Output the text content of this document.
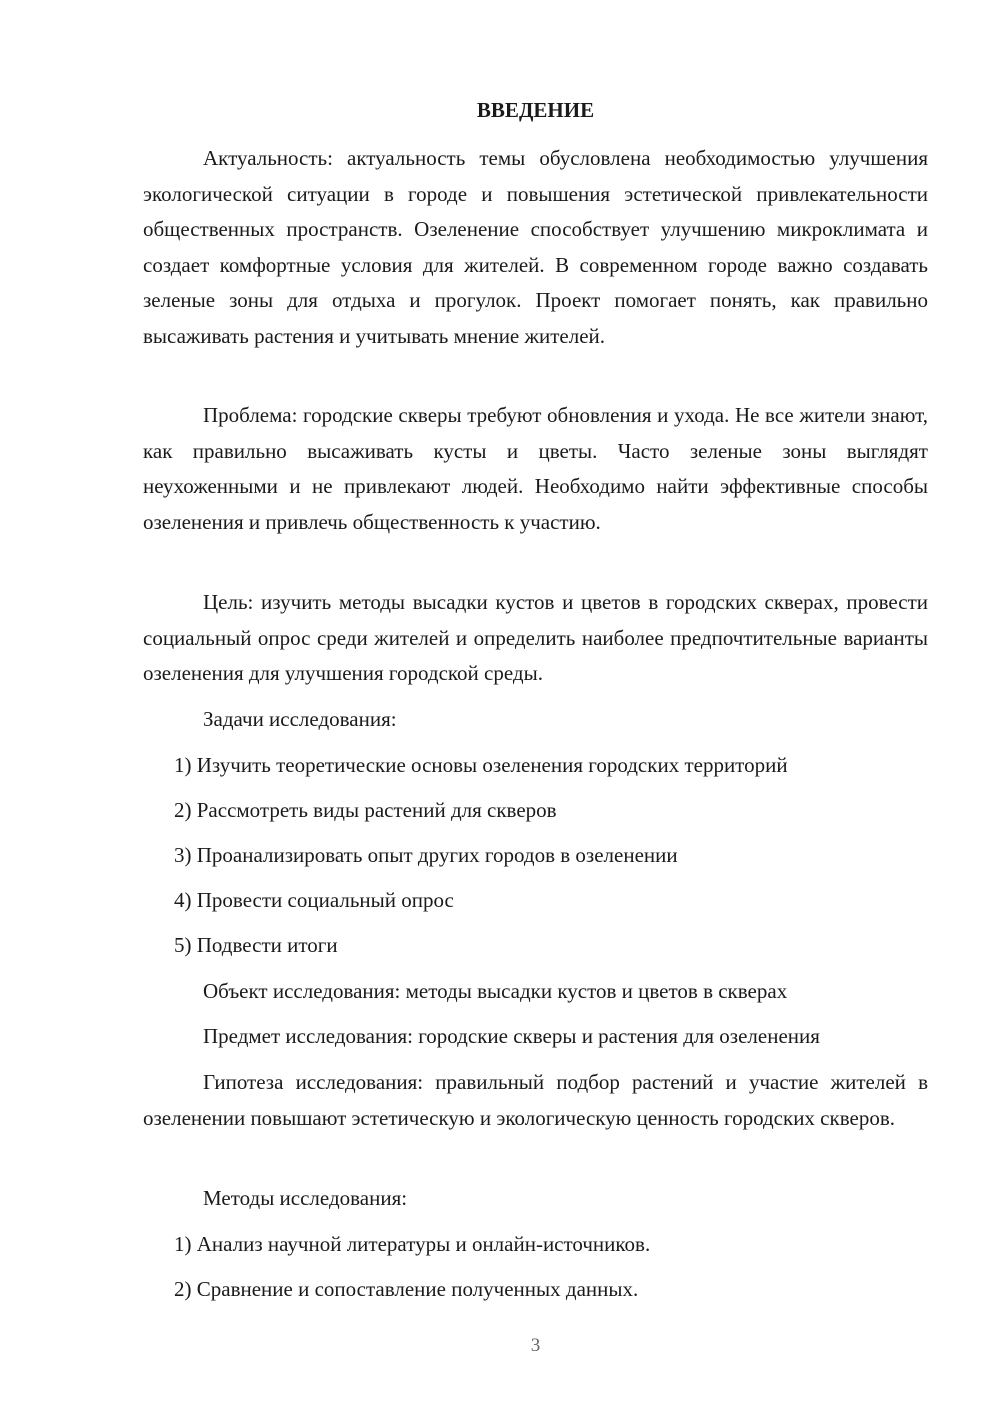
ВВЕДЕНИЕ

Актуальность: актуальность темы обусловлена необходимостью улучшения экологической ситуации в городе и повышения эстетической привлекательности общественных пространств. Озеленение способствует улучшению микроклимата и создает комфортные условия для жителей. В современном городе важно создавать зеленые зоны для отдыха и прогулок. Проект помогает понять, как правильно высаживать растения и учитывать мнение жителей.

Проблема: городские скверы требуют обновления и ухода. Не все жители знают, как правильно высаживать кусты и цветы. Часто зеленые зоны выглядят неухоженными и не привлекают людей. Необходимо найти эффективные способы озеленения и привлечь общественность к участию.

Цель: изучить методы высадки кустов и цветов в городских скверах, провести социальный опрос среди жителей и определить наиболее предпочтительные варианты озеленения для улучшения городской среды.

Задачи исследования:

1) Изучить теоретические основы озеленения городских территорий

2) Рассмотреть виды растений для скверов

3) Проанализировать опыт других городов в озеленении

4) Провести социальный опрос

5) Подвести итоги

Объект исследования: методы высадки кустов и цветов в скверах

Предмет исследования: городские скверы и растения для озеленения

Гипотеза исследования: правильный подбор растений и участие жителей в озеленении повышают эстетическую и экологическую ценность городских скверов.

Методы исследования:

1) Анализ научной литературы и онлайн-источников.

2) Сравнение и сопоставление полученных данных.

3
